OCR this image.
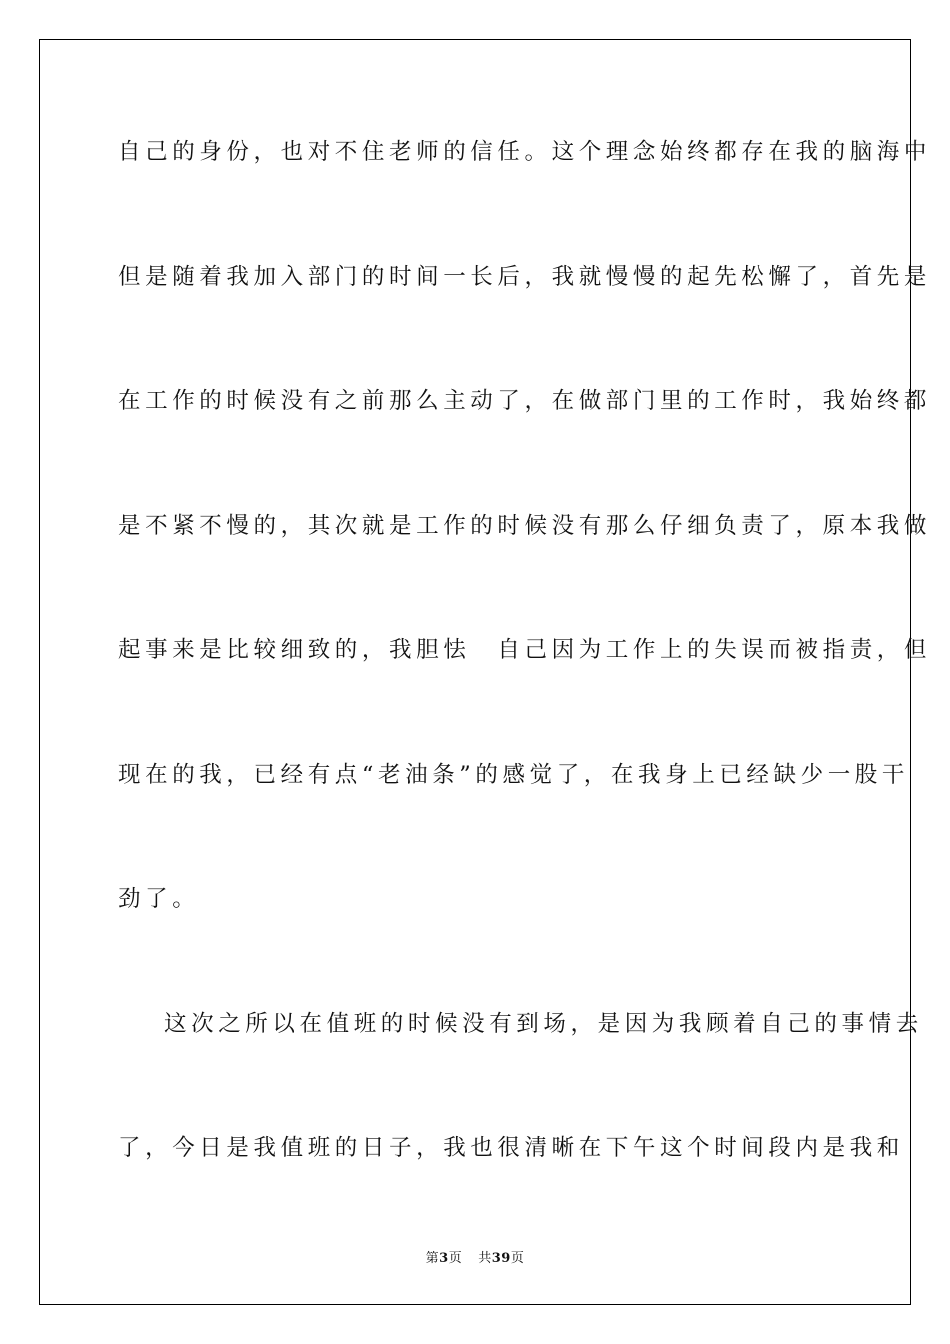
自己的身份，也对不住老师的信任。这个理念始终都存在我的脑海中
但是随着我加入部门的时间一长后，我就慢慢的起先松懈了，首先是
在工作的时候没有之前那么主动了，在做部门里的工作时，我始终都
是不紧不慢的，其次就是工作的时候没有那么仔细负责了，原本我做
起事来是比较细致的，我胆怯　自己因为工作上的失误而被指责，但
现在的我，已经有点“老油条”的感觉了，在我身上已经缺少一股干
劲了。
这次之所以在值班的时候没有到场，是因为我顾着自己的事情去
了，今日是我值班的日子，我也很清晰在下午这个时间段内是我和
第3页 共39页
